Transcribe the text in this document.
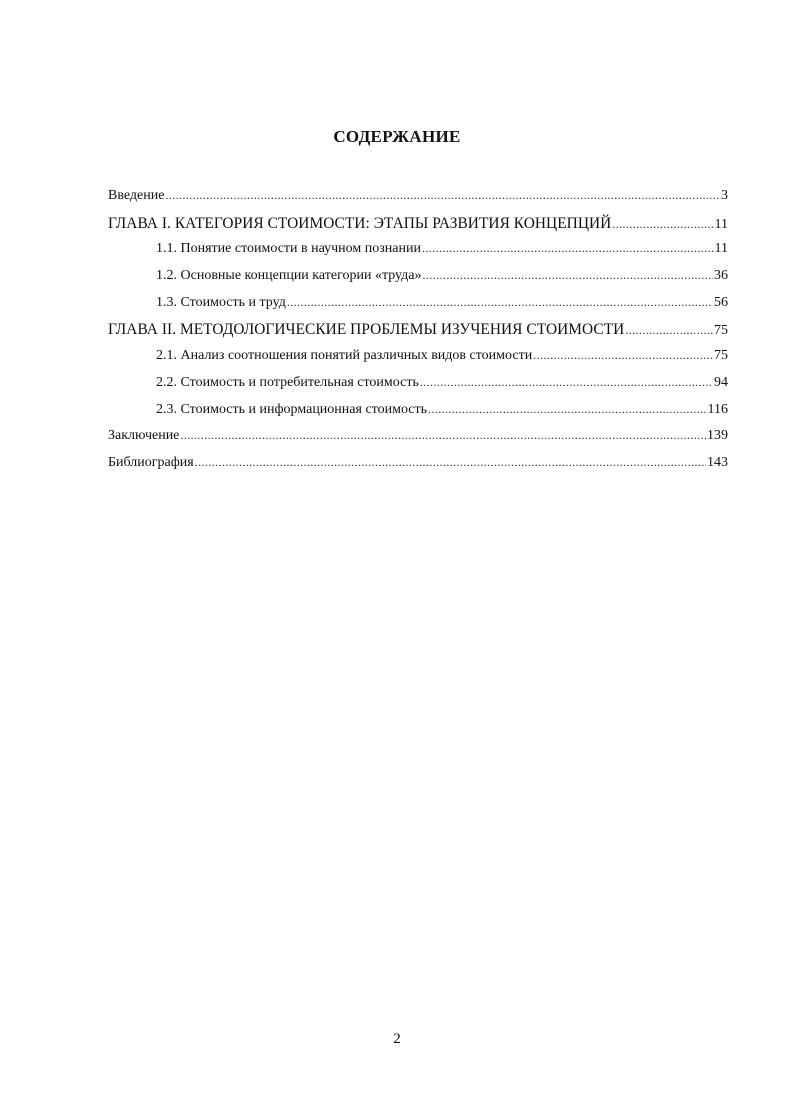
СОДЕРЖАНИЕ
Введение .....	3
ГЛАВА I. КАТЕГОРИЯ СТОИМОСТИ: ЭТАПЫ РАЗВИТИЯ КОНЦЕПЦИЙ .....	11
1.1. Понятие стоимости в научном познании .....	11
1.2. Основные концепции категории «труда» .....	36
1.3. Стоимость и труд .....	56
ГЛАВА II. МЕТОДОЛОГИЧЕСКИЕ ПРОБЛЕМЫ ИЗУЧЕНИЯ СТОИМОСТИ .....	75
2.1. Анализ соотношения понятий различных видов стоимости .....	75
2.2. Стоимость и потребительная стоимость .....	94
2.3. Стоимость и информационная стоимость .....	116
Заключение .....	139
Библиография .....	143
2
